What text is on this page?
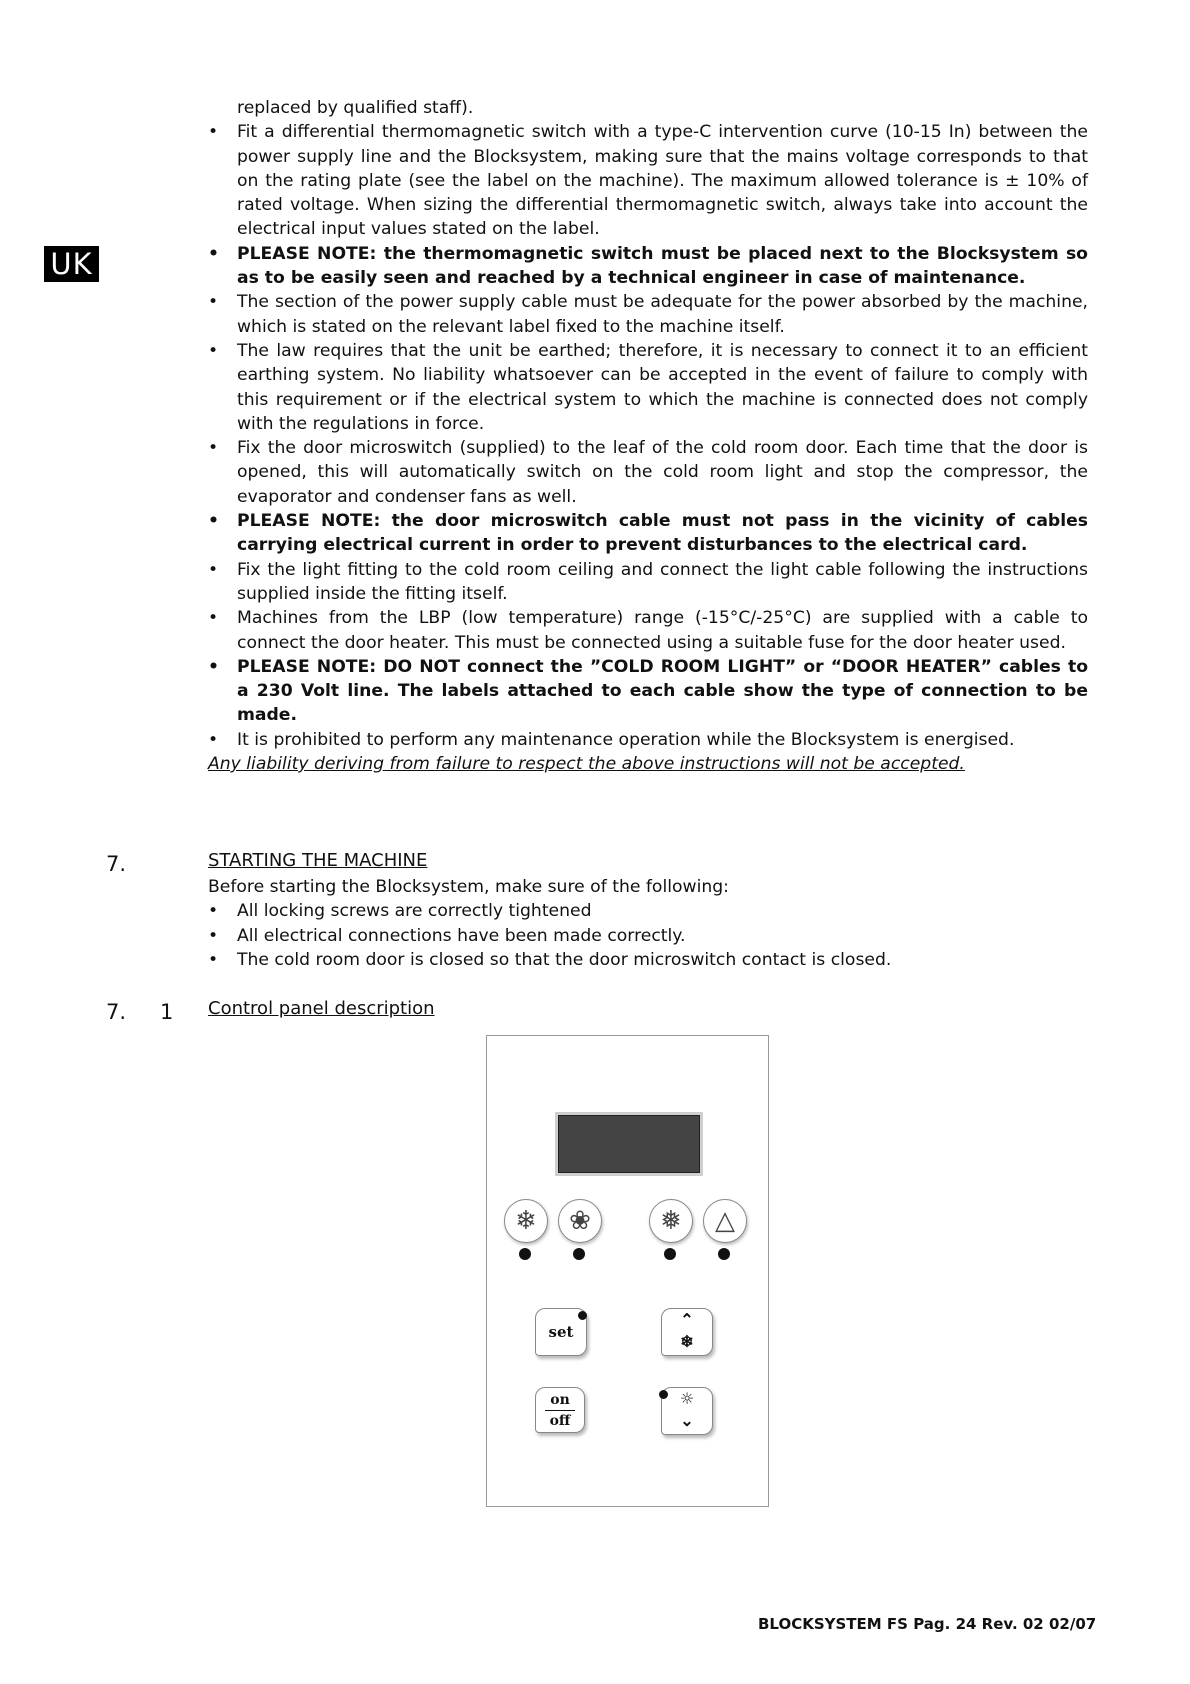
UK

replaced by qualified staff).

• Fit a differential thermomagnetic switch with a type-C intervention curve (10-15 In) between the power supply line and the Blocksystem, making sure that the mains voltage corresponds to that on the rating plate (see the label on the machine). The maximum allowed tolerance is ± 10% of rated voltage. When sizing the differential thermomagnetic switch, always take into account the electrical input values stated on the label.

• PLEASE NOTE: the thermomagnetic switch must be placed next to the Blocksystem so as to be easily seen and reached by a technical engineer in case of maintenance.

• The section of the power supply cable must be adequate for the power absorbed by the machine, which is stated on the relevant label fixed to the machine itself.

• The law requires that the unit be earthed; therefore, it is necessary to connect it to an efficient earthing system. No liability whatsoever can be accepted in the event of failure to comply with this requirement or if the electrical system to which the machine is connected does not comply with the regulations in force.

• Fix the door microswitch (supplied) to the leaf of the cold room door. Each time that the door is opened, this will automatically switch on the cold room light and stop the compressor, the evaporator and condenser fans as well.

• PLEASE NOTE: the door microswitch cable must not pass in the vicinity of cables carrying electrical current in order to prevent disturbances to the electrical card.

• Fix the light fitting to the cold room ceiling and connect the light cable following the instructions supplied inside the fitting itself.

• Machines from the LBP (low temperature) range (-15°C/-25°C) are supplied with a cable to connect the door heater. This must be connected using a suitable fuse for the door heater used.

• PLEASE NOTE: DO NOT connect the ”COLD ROOM LIGHT” or “DOOR HEATER” cables to a 230 Volt line. The labels attached to each cable show the type of connection to be made.

• It is prohibited to perform any maintenance operation while the Blocksystem is energised.

Any liability deriving from failure to respect the above instructions will not be accepted.

7.	STARTING THE MACHINE

Before starting the Blocksystem, make sure of the following:

• All locking screws are correctly tightened

• All electrical connections have been made correctly.

• The cold room door is closed so that the door microswitch contact is closed.

7. 1 Control panel description
❄	❀	❅	△
set
⌃
❄
on
off
☼
⌄
BLOCKSYSTEM FS Pag. 24 Rev. 02 02/07
